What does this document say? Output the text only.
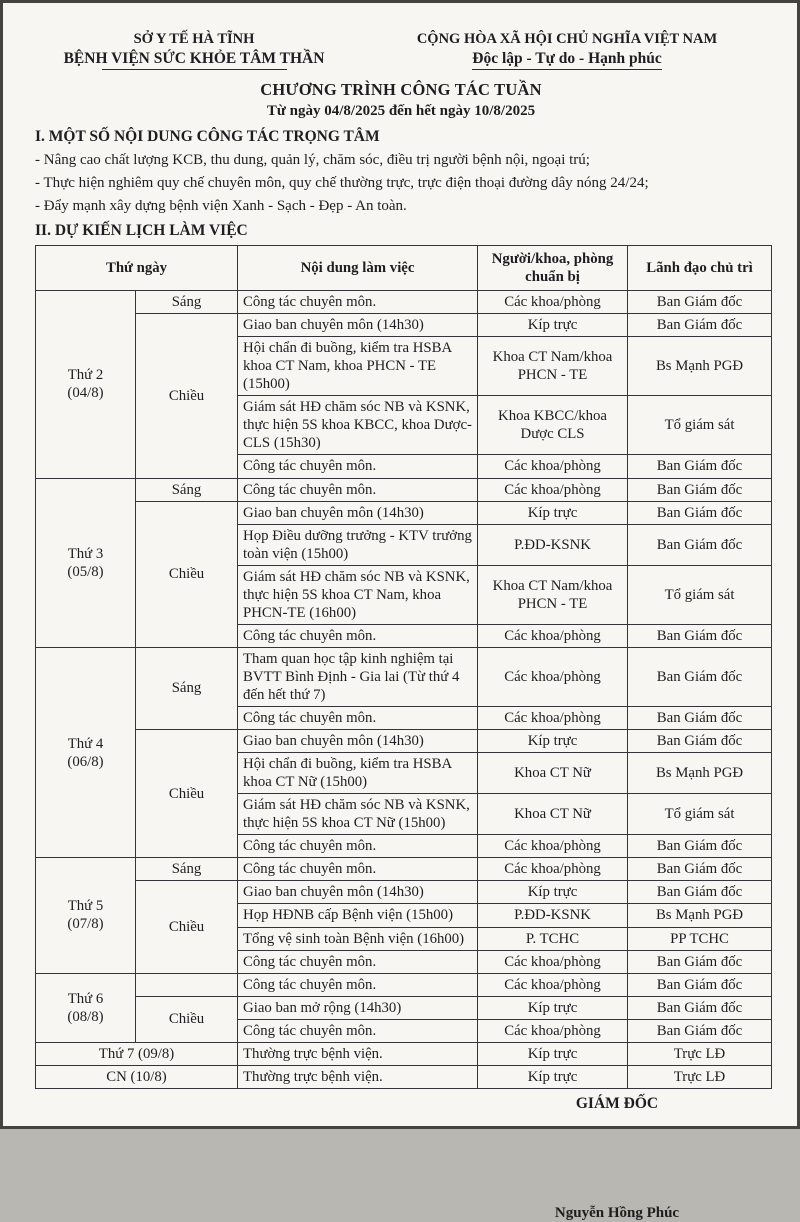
SỞ Y TẾ HÀ TĨNH
BỆNH VIỆN SỨC KHỎE TÂM THẦN
CỘNG HÒA XÃ HỘI CHỦ NGHĨA VIỆT NAM
Độc lập - Tự do - Hạnh phúc
CHƯƠNG TRÌNH CÔNG TÁC TUẦN
Từ ngày 04/8/2025 đến hết ngày 10/8/2025
I. MỘT SỐ NỘI DUNG CÔNG TÁC TRỌNG TÂM
- Nâng cao chất lượng KCB, thu dung, quản lý, chăm sóc, điều trị người bệnh nội, ngoại trú;
- Thực hiện nghiêm quy chế chuyên môn, quy chế thường trực, trực điện thoại đường dây nóng 24/24;
- Đẩy mạnh xây dựng bệnh viện Xanh - Sạch - Đẹp - An toàn.
II. DỰ KIẾN LỊCH LÀM VIỆC
Thứ ngày		Nội dung làm việc	Người/khoa, phòng chuẩn bị	Lãnh đạo chủ trì

Thứ 2
(04/8)	Sáng	Công tác chuyên môn.	Các khoa/phòng	Ban Giám đốc
	Chiều	Giao ban chuyên môn (14h30)	Kíp trực	Ban Giám đốc
		Hội chẩn đi buồng, kiểm tra HSBA khoa CT Nam, khoa PHCN - TE (15h00)	Khoa CT Nam/khoa PHCN - TE	Bs Mạnh PGĐ
		Giám sát HĐ chăm sóc NB và KSNK, thực hiện 5S khoa KBCC, khoa Dược-CLS (15h30)	Khoa KBCC/khoa Dược CLS	Tổ giám sát
		Công tác chuyên môn.	Các khoa/phòng	Ban Giám đốc

Thứ 3
(05/8)	Sáng	Công tác chuyên môn.	Các khoa/phòng	Ban Giám đốc
	Chiều	Giao ban chuyên môn (14h30)	Kíp trực	Ban Giám đốc
		Họp Điều dưỡng trưởng - KTV trưởng toàn viện (15h00)	P.ĐD-KSNK	Ban Giám đốc
		Giám sát HĐ chăm sóc NB và KSNK, thực hiện 5S khoa CT Nam, khoa PHCN-TE (16h00)	Khoa CT Nam/khoa PHCN - TE	Tổ giám sát
		Công tác chuyên môn.	Các khoa/phòng	Ban Giám đốc

Thứ 4
(06/8)	Sáng	Tham quan học tập kinh nghiệm tại BVTT Bình Định - Gia lai (Từ thứ 4 đến hết thứ 7)	Các khoa/phòng	Ban Giám đốc
		Công tác chuyên môn.	Các khoa/phòng	Ban Giám đốc
	Chiều	Giao ban chuyên môn (14h30)	Kíp trực	Ban Giám đốc
		Hội chẩn đi buồng, kiểm tra HSBA khoa CT Nữ (15h00)	Khoa CT Nữ	Bs Mạnh PGĐ
		Giám sát HĐ chăm sóc NB và KSNK, thực hiện 5S khoa CT Nữ (15h00)	Khoa CT Nữ	Tổ giám sát
		Công tác chuyên môn.	Các khoa/phòng	Ban Giám đốc

Thứ 5
(07/8)	Sáng	Công tác chuyên môn.	Các khoa/phòng	Ban Giám đốc
	Chiều	Giao ban chuyên môn (14h30)	Kíp trực	Ban Giám đốc
		Họp HĐNB cấp Bệnh viện (15h00)	P.ĐD-KSNK	Bs Mạnh PGĐ
		Tổng vệ sinh toàn Bệnh viện (16h00)	P. TCHC	PP TCHC
		Công tác chuyên môn.	Các khoa/phòng	Ban Giám đốc

Thứ 6
(08/8)		Công tác chuyên môn.	Các khoa/phòng	Ban Giám đốc
	Chiều	Giao ban mở rộng (14h30)	Kíp trực	Ban Giám đốc
		Công tác chuyên môn.	Các khoa/phòng	Ban Giám đốc
Thứ 7 (09/8)		Thường trực bệnh viện.	Kíp trực	Trực LĐ
CN (10/8)		Thường trực bệnh viện.	Kíp trực	Trực LĐ
GIÁM ĐỐC
Nguyễn Hồng Phúc
